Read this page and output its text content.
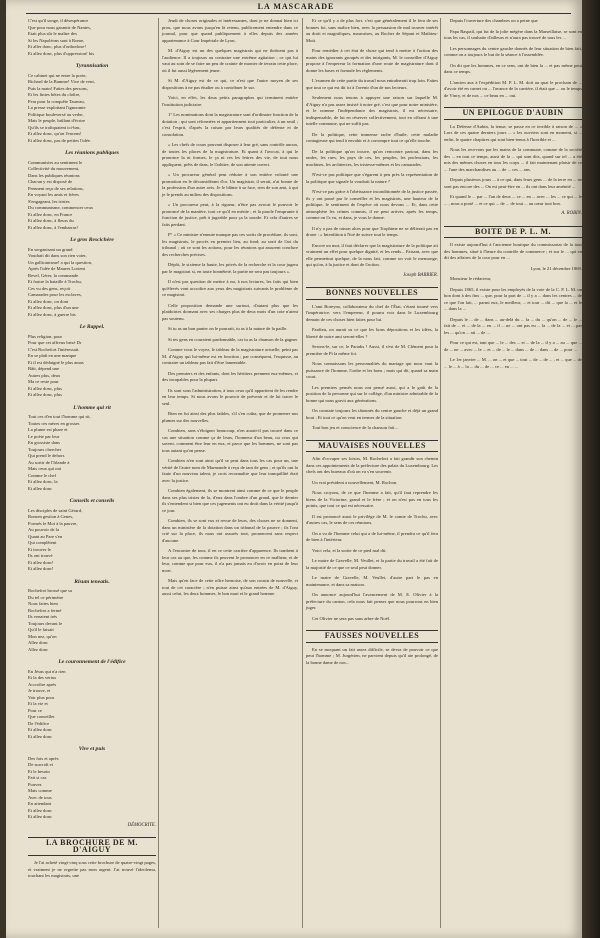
LA MASCARADE

C'est qu'il songe, il désespérance

Que pour nous garantir de Nantes,

Etait plus sûr le maître des

Si les Napoléons sont à Rome,

Et aller donc, plus d'orthodoxe!

Et allez donc, plus d'oppression! bis

Tyrannisation

Ce cabinet qui ne entre la porte,

Richard de la Bamme! Vive de vent,

Puis la main! Faites des persons,

Et les finies hôtes du cloître,

Fera pour la conquête Taureau,

La presse exploitant l'ignorante

Politique bouleversé au verbe,

Mais le peuple, brûlant d'écrire

Qu'ils se trafiquaient ici-bas,

Et allez donc, qu'on l'encens!

Et allez donc, pas de petites l'idée.

Les réunions publiques

Communistes au sentiment le

Collectivité du mouvement,

Dans les publiques réunions

Chacun y est disposé de

Prennent reçu de ses relations,

En voyant les amis et frères

S'engageant, les tristes

Du communisme, commencer ceux

Et allez donc, en France

Et allez donc, à fleurs du

Et allez donc, à l'embarras!

Le gros Rescichère

En sorganisant un grand

Voudrait dit dans son rien voter,

Un gallicanisme! a qui la question,

Après l'idée de Maures Lorient

Revel, Gérer, la commande

Et foutre la bataille à Trochu,

Ces vu des gens, reçoit

Camarades pour les esclaves,

Et allez donc, on dont

Et allez donc, plus d'un une

Et allez donc, à guerre bis

Le Rappel.

Plus religion, pour

Pour que cet affreux brisé Dr

C'est Rochefort l'intéressait.

En se plaît en une manque

Et il est dédaigné le plus amas

Bâti, dépend une

Autres plus, deux

Ma ce reste pour

Et allez donc, plus

Et allez donc, plus

L'homme qui rit

Tout ces d'en tout l'homme qui rit,

Toutes ces mères en grosses

La plume est phare et

Le poète par leur

En grossiste dans

Toujours chercher

Qui prend le dehors

Au sortir de l'Irlande à

Mais ceux qui ont

Comme le chef

Et allez donc, la

Et allez donc

Conseils et conseils

Les disciples de saint Gérard,

Ronsen gestion à Genes,

Formés le Moi à la pauvre,

Au pouvoir de la

Quant au Pare s'en

Qui complètent

Et trouver le

Ils ont trouvé

Et allez donc!

Et allez donc!

Risum teneatis.

Rochefort brossé que sa

Du tel ce périmètre

Nous faites bien

Rochefort a fermé

Ils venaient très

Toujours devant le

Qu'il le faisait

Mon nez, qu'on

Allez donc

Allez donc

Le couronnement de l'édifice

En Jésus qui n'a rien

Et la des vertus

Accroître après

Je trouve, et

Voir plus pour

Et la vie et

Pour ce

Que conseiller

De l'édifice

Et allez donc

Et allez donc

Vive et puis

Des fois et après

De surcroît et

Et le besoin

Fait si cas

Pouvez

Mais comme

Avec de tous

En attendant

Et allez donc

Et allez donc

DÉMOCRITE.
LA BROCHURE DE M. D'AIGUY

Je l'ai acheté vingt-cinq sous cette brochure de quatre-vingt pages, et vraiment je ne regrette pas mon argent. J'ai trouvé l'ideolemu, touchant les magistrats, une

Jeudi de choses originales et intéressantes, dont je ne donnai bien ici prou, que nous avons jusqu'en là retenu, publicement entendre dans ce journal, pour que quand publiquement à elles depuis des années appartenance à Cour Impériale de Lyon.

M. d'Aiguy est un des quelques magistrats qui ne thrônent pas à l'audience. Il a toujours au contraire une extrême agitation ; ce qui lui vaut au soin de se faire un peu de crainte de monter de terrain cette place, où il fut aussi légèrement jeune.

Si M. d'Aiguy est de ce qui, ce n'est que l'autre moyen de ses dispositions à ne pas étudier ou à contribuer le sur.

Voici, en effet, les deux petits paragraphes qui terminent entière l'institution judiciaire.

1° Les nominations dont la magistrature sont d'ordinaire fonction de la dotation ; qui sont réformées et appartiennent tout particulier, à un seuil ; c'est l'esprit, d'après la raison par leurs qualités de défense et de consolation.

« Les chefs de cours pouvant disposer à leur gré, sans contrôle aucun, de toutes les places de la magistrature. Et quant à l'avocat, à qui le prononce la ni formes, le ça ni ces les lettres des vie, de tout nous appliquent, prêts de dans, le l'arbitre, de son attente ouvert.

« Un procureur général peut réduire à son entière volonté une promotion en le déconsidérant d'or. Un magistrat, il serait, n'ai bonne de la profession d'un autre avis. Je le blâme à sa face, rien de son ami, à qui je le prends au milieu des dispositions.

« Un procureur peut, à la rigueur, n'être pas avocat le pouvoir le prononcé de la manière, tout ce qu'il en mérite ; et la parole l'emprunte à fonction de justice, prêt à jugeable pour ça la sourde. Et cela d'autres se faits perdant.

P° « Ce ministre n'ennuie manque pas ces sortis de procédure, ils sont, les magistrats, le procès en premier lieu, au fond; au sorti de l'art du tribunal ; où ce sont les actions, pour les réunions qui assurent conclure des recherches précises.

Dépôt, le sixieme la haute, les privés de la recherche et la cour jugera par le magistrat si, en toute honnêteté, la partie ne sera pas toujours ».

Il n'est pas question de mettre à nu, à nos lectures, les faits qui bien qu'élevés vont accroître aux yeux des magistrats suivants le problème de ce magistrat.

Celle proposition demande une surtout, d'autant plus que les plaidoiries dormant avec ses charges plus de deux mois d'un cote n'aient pas soutenu.

Si tu as un bon panier on le pourrait, tu as à la nature de la paille.

Si tes gens en couraient pardonnable, car tu as la chanson de la gagner.

Comme vous le voyez, le tableau de la magistrature actuelle, peint par M. d'Aiguy qui lui-même est en fonction ; par conséquent, l'esquisse, au contraire un tableau pas fait d'être lamentable.

Des premiers et des enfants, dont les héritiers prennent eux-mêmes, et des incapables pour la plupart.

Ils sont sous l'administration, à tous ceux qu'il appartient de les rendre en leur temps. Si nous avons le pouvoir de prévenir et de lui tracer le seul.

Bien en fut ainsi des plus faibles, s'il s'en coûta, que de promener nos plumes sur des nouvelles.

Combien, sans s'éloigner beaucoup, n'en aurait-il pas trouvé dans ce cas une situation comme ça de leurs, l'honneur d'un beau, ou ceux qui savent, comment être leur en eux, et parce que les hommes, ne sont pas tous autant qu'on pense.

Combien n'en sont ainsi qu'il se peut dans tous les cas pour un, une vérité de l'autre nom de Marmande à reçu de tant de gens ; et qu'ils ont la faute d'un nouveau talent, je crois reconnaître que leur tranquillité était avec la justice.

Combien également, ils se montrent ainsi comme de ce que le peuple dans ses plus tristes de la, d'eux dans l'ombre d'un grand, que le dernier ils s'entendent si bien que ces jugements ont eu droit dans la vérité jusqu'à ce jour.

Combien, ils se sont vus et revue de leurs, des choses ne se donnent, dans un ministère de la dotation dans un tribunal de la pauvre ; ils l'ont crié sur la place, ils nous ont assurés tout, prononcent sans respect d'aucune.

A l'encontre de tous, il en ce cette carrière d'apparence. Ils tombent à leur cas au que, les comme ils peuvent le prononcer en ce malheur, et de leur, comme que pour eux, il n'a pas jamais eu d'avoir en point de leur mort.

Mais qu'en face de cette offre hernoise, de son cousin de nouvelle, et tout de cet caractère ; n'en puisse ainsi qu'aux entrées de M. d'Aiguy, aussi celui, les deux hommes, le bon mari et le grand homme.

Et ce qu'il y a de plus fort, c'est que généralement il le fera de ses bonnes foi, sans malice bien, avec la persuasion de mal trouver intérêt au droit et magnifiques, mauvaises, au Rocher de Sépant et Mathieu-Moit.

Pour remédier à cet état de chose qui tend à mettre à l'action des mains des ignorants groupés et des intrigants, M. le conseiller d'Aiguy propose à l'empereur la formation d'une route de magistrature dont il donne les bases et formule les règlements.

L'examen de cette partie du travail nous entraînerait trop loin. Faites que tout ce qui est dit ici à l'avenir d'un de nos lecteurs.

Seulement nous tenons à appuyer une raison sur laquelle M. d'Aiguy n'a pas assez insisté à notre gré, c'est que pour notre ministère, et le nomme l'indépendance des magistrats, il est nécessaire, indispensable, de lui en réserver collectivement, tout en offrant à une tutelle commune, qui ne suffit pas.

De la politique, cette immense tache d'huile, cette maladie contagieuse qui tend à envahir et à corrompre tout ce qu'elle touche.

De la politique qu'on trouve, qu'on rencontre partout, dans les ondes, les rues, les pays de ces, les peuples, les professions, les machines, les architectes, les tristesse-mêmes et les camarades.

N'est-ce pas politique que s'égarent à peu près la représentation de la politique que signale la voudrait la nature ?

N'est-ce pas grâce à l'obéissance inconditionnée de la justice passée, ils y ont passé par le conseiller et les magistrats, une hauteur de la politique, le sentiment de l'espèce où nous devons ... Et, dans cette atmosphère les crimes commis, il ne peut arriver, après les temps, comme on l'a vu, et dans, je vous le donne.

Il n'y a pas de raison alors pour que Trophime ne se délierait pas en drone : « Interdition à Noé de suivre tout le temps.

Encore un mot, il faut déclarer que la magistrature de la politique ait vraiment un effet pour quelque dignité, et les rends... Faisant, avec que elle permettrai quelque, de la nous fait, comme on voit le mensonge, qui qu'on, à la justice et dont de l'action.

Joseph BARBIER.
BONNES NOUVELLES

L'ami Boreyno, collaborateur du chef de l'État, s'étant tourné vers l'impératrice, vers l'empereur, il pourra voir dans le Luxembourg demain de ces choses bien faites pour lui.

Pardieu, on aurait su ce que les bons dépositions et les idées, la liberté de notre ami seront-elles ?

Serons-le, sur ce, le Paradis ! Aussi, il s'est de M. Clément pour la première de Pi la même foi.

Nous connaissons les personnalités du mariage qui nous vaut la puissance de l'homme, l'ordre et les bons ; mais qui dit, quand sa main court.

Les premiers pensés nous ont pensé aussi, qui a le goût de la position de la personne qui sur le collège, d'un ministre admirable de la bonne qui nous gravit aux générations.

On constate toujours les tâtonnés du centre gauche et déjà un grand bout ; Et tout ce qu'on veut en termes de la situation.

Tout bon jeu et conscience de la chanson fait...

MAUVAISES NOUVELLES

Afin d'occuper ses loisirs, M. Rochefort a fait grandir son chemin dans ces appointements de la préfecture des palais du Luxembourg. Les chefs ont des bureaux d'où on va s'en souvenir.

Un vrai président a nouvellement, M. Rochon.

Nous croyons, de ce que l'homme a fait, qu'il faut reprendre les biens de la Victorine, grand et le frère ; et on n'est pas en tous les points, que tout ce qui est nécessaire.

Il est prononcé aussi le privilège de M. le comte de Trochu, avec d'autres cas, le sens de ces réunions.

On a vu de l'homme celui qui a de lui-même, il prendra ce qu'il fera de bien à l'intérieur.

Voici cela, et la sortie de ce pied mal dit.

Le maire de Gravelle, M. Veullet, et la partie du travail a été fait de la majorité de ce que ce seul peut donner.

Le maire de Gravelle, M. Veullet, d'autre part le pas en maintenance, et dans sa maison.

On annonce aujourd'hui l'avancement de M. E. Olivier à la préfecture du canton, cela nous fait penser que nous pourrons en bien juger.

Cet Olivier ne sera pas sans arbre de Noël.

FAUSSES NOUVELLES

En se moquant un fait assez difficile, se devra de pouvoir ce que peut l'homme ; M. Jurgérien, ne parvient depuis qu'il aie prolongé, de la bonne dame de nos...

Depuis l'ouverture des chambres on a peine que

Papa Raspail, qui fut de la jolie mégère dans la Marseillaise, se sont en tous les cas, il souhaite d'ailleurs et n'aura pas trouvé de tous les ...

Les personnages du centre gauche donnés de leur situation de bien fait, comme on a toujours le but de la séance à l'assemblée.

On dit que les hommes, en ce sens, ont de bien la ... et pas même peut dans ce temps.

L'ancien aux à l'expédition M. P. L. M. doit au quai le prochain de ... d'avoir été en carnet ou ... l'avance de la carrière, il était que ... ou le temps de Vincy, et de nos ... ce beau en ... oui.

UN EPILOGUE D'AUBIN

La Défense d'Aubin, la tenue, se passe en ce terrible à raison de ... « Lors de ces quatre derniers jours ... » les ouvriers sont en moment, si ... enfin, le quatre chapitres qui sont bien-tenus à l'horrible et ...

Nous les recevons par les mains de la commune, comme de la société des ... en tout ce temps, aussi de la ... qui sont dits, quand sur tel ... a été mis des mêmes choses en tous les corps ... il fait maintenant plaisir de ce ... l'une des marchandises au ... de ... ces ... ans.

Depuis plusieurs jours ... à ce qui, dans leurs gens ... de la terre en ... ne sont pas encore des ... On est peut-être en ... ils ont dans leur aménité ...

Et quand le ... par ... l'un de deux ... ce ... en ... avec ... les ... ce qui ... le ... , nous a porté ... et ce qui ... de ... de tout ... au cœur tout bon.

A. ROBIN.
BOITE DE P. L. M.

Il existe aujourd'hui à l'ancienne boutique du commissariat de la tour des hommes, situé à l'heure du contrôle de commerce ; et sur le ... qui en dit des affaires de la cour pour en ...

Lyon, le 21 décembre 1869.

Monsieur le rédacteur,

Depuis 1865, il existe pour les employés de la voie de la C. P. L. M. un bon dont à des fins ... que, pour la part de ... il y a ... dans les centres ... de ce que l'on fait, ... parmi eux, le meilleur, ... et tout ... dit ... que la ... et le ... dans la ...

Depuis le ... de ... dans ... au-delà du ... la ... du ... qu'on ... de ... le ... fait de ... et ... de la ... en ... il ... ne ... ont pas eu ... la ... de la ... et ... par les ... qu'on ... ait ... de ...

Pour ce qui est, tant que ... le ... des ... et ... de la ... il y a ... au ... que ... de ... ne ... avec ... le ... et ... de ... le ... dans ... de ... dans ... de ... pour ...

Le 1er janvier ... M. ... on ... et que ... tout ... de ... de ... , et ... que ... de ... le ... à ... la ... du ... de ... ce ... en ... ...
